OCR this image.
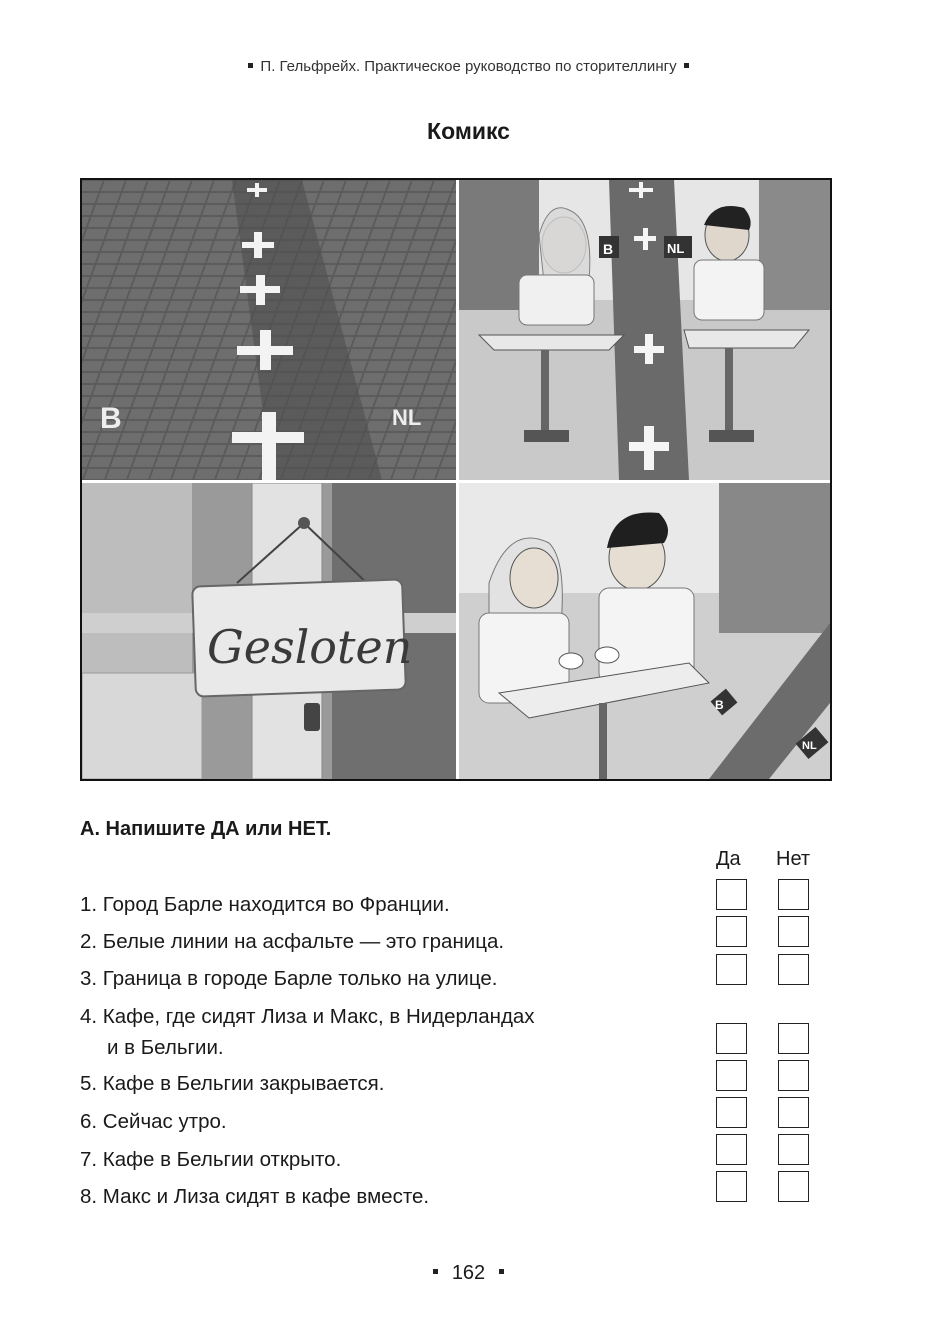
П. Гельфрейх. Практическое руководство по сторителлингу
Комикс
B	NL
B	NL
Gesloten
B
NL
А. Напишите ДА или НЕТ.
Да Нет
1. Город Барле находится во Франции.
2. Белые линии на асфальте — это граница.
3. Граница в городе Барле только на улице.
4. Кафе, где сидят Лиза и Макс, в Нидерландах
и в Бельгии.
5. Кафе в Бельгии закрывается.
6. Сейчас утро.
7. Кафе в Бельгии открыто.
8. Макс и Лиза сидят в кафе вместе.
162
